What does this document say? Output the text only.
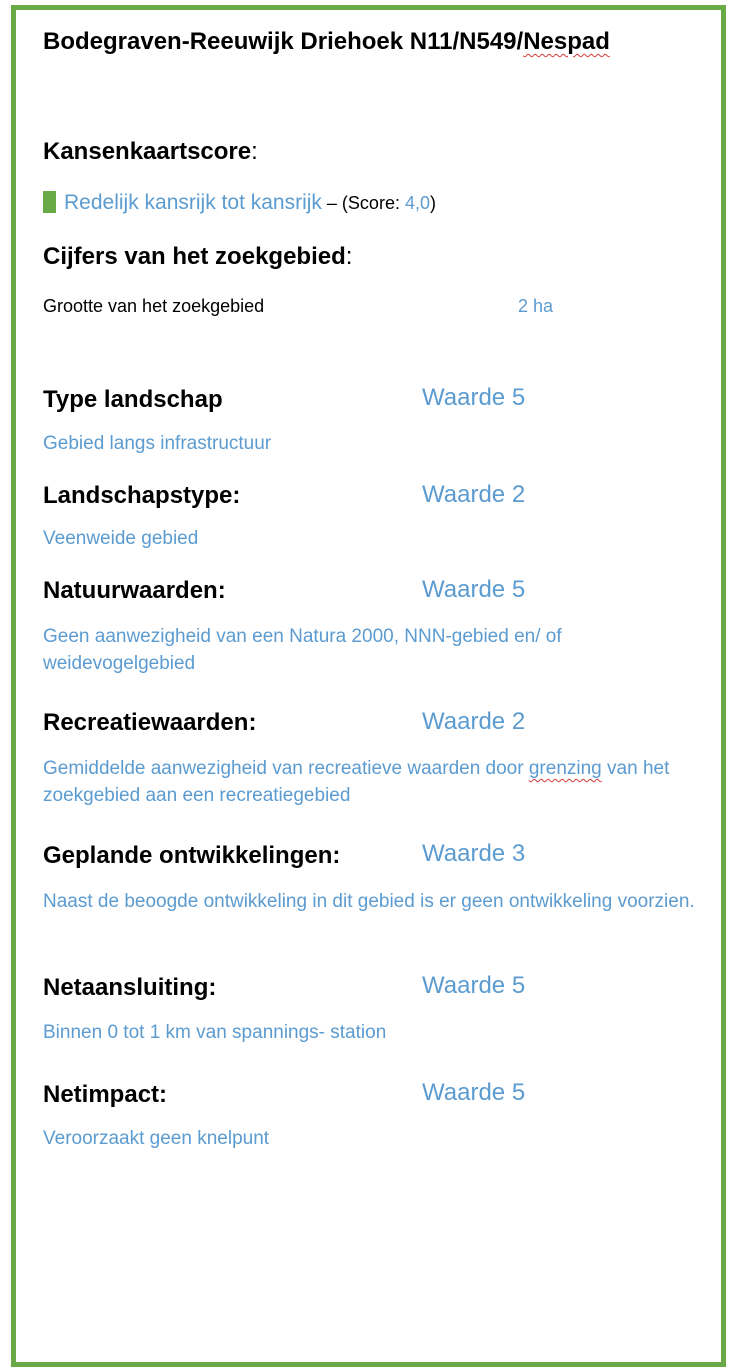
Bodegraven-Reeuwijk Driehoek N11/N549/Nespad
Kansenkaartscore:
Redelijk kansrijk tot kansrijk – (Score: 4,0)
Cijfers van het zoekgebied:
Grootte van het zoekgebied	2 ha
Type landschap	Waarde 5
Gebied langs infrastructuur
Landschapstype:	Waarde 2
Veenweide gebied
Natuurwaarden:	Waarde 5
Geen aanwezigheid van een Natura 2000, NNN-gebied en/ of weidevogelgebied
Recreatiewaarden:	Waarde 2
Gemiddelde aanwezigheid van recreatieve waarden door grenzing van het zoekgebied aan een recreatiegebied
Geplande ontwikkelingen:	Waarde 3
Naast de beoogde ontwikkeling in dit gebied is er geen ontwikkeling voorzien.
Netaansluiting:	Waarde 5
Binnen 0 tot 1 km van spannings- station
Netimpact:	Waarde 5
Veroorzaakt geen knelpunt
